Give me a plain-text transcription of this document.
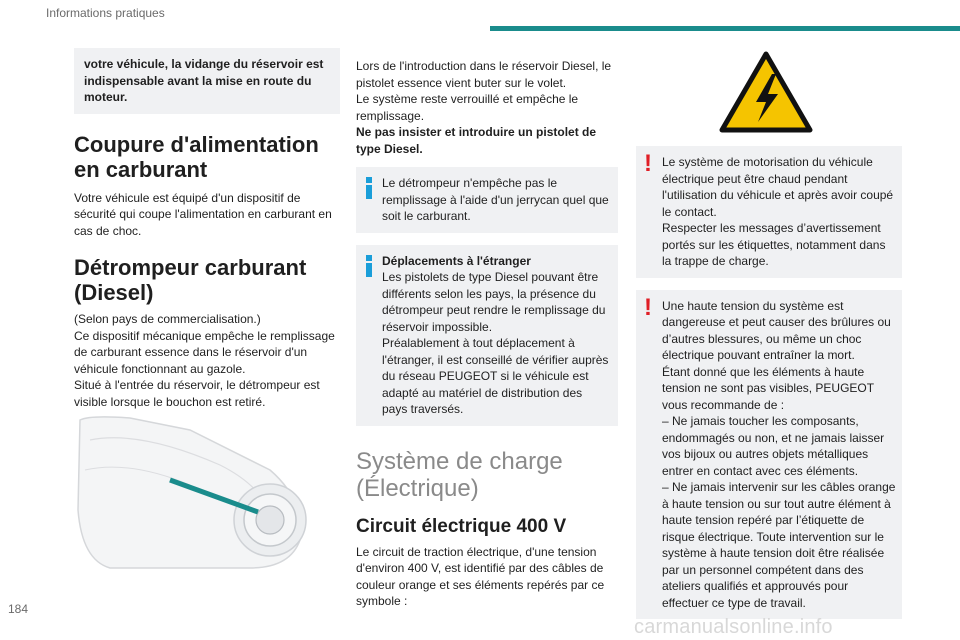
Informations pratiques
votre véhicule, la vidange du réservoir est indispensable avant la mise en route du moteur.
Coupure d'alimentation en carburant

Votre véhicule est équipé d'un dispositif de sécurité qui coupe l'alimentation en carburant en cas de choc.

Détrompeur carburant (Diesel)

(Selon pays de commercialisation.)

Ce dispositif mécanique empêche le remplissage de carburant essence dans le réservoir d'un véhicule fonctionnant au gazole.

Situé à l'entrée du réservoir, le détrompeur est visible lorsque le bouchon est retiré.

Lors de l'introduction dans le réservoir Diesel, le pistolet essence vient buter sur le volet.

Le système reste verrouillé et empêche le remplissage.

Ne pas insister et introduire un pistolet de type Diesel.

Le détrompeur n'empêche pas le remplissage à l'aide d'un jerrycan quel que soit le carburant.

Déplacements à l'étranger

Les pistolets de type Diesel pouvant être différents selon les pays, la présence du détrompeur peut rendre le remplissage du réservoir impossible.

Préalablement à tout déplacement à l'étranger, il est conseillé de vérifier auprès du réseau PEUGEOT si le véhicule est adapté au matériel de distribution des pays traversés.

Système de charge (Électrique)
Circuit électrique 400 V

Le circuit de traction électrique, d'une tension d'environ 400 V, est identifié par des câbles de couleur orange et ses éléments repérés par ce symbole :

! Le système de motorisation du véhicule électrique peut être chaud pendant l'utilisation du véhicule et après avoir coupé le contact.

Respecter les messages d’avertissement portés sur les étiquettes, notamment dans la trappe de charge.

! Une haute tension du système est dangereuse et peut causer des brûlures ou d’autres blessures, ou même un choc électrique pouvant entraîner la mort.

Étant donné que les éléments à haute tension ne sont pas visibles, PEUGEOT vous recommande de :

– Ne jamais toucher les composants, endommagés ou non, et ne jamais laisser vos bijoux ou autres objets métalliques entrer en contact avec ces éléments.

– Ne jamais intervenir sur les câbles orange à haute tension ou sur tout autre élément à haute tension repéré par l’étiquette de risque électrique. Toute intervention sur le système à haute tension doit être réalisée par un personnel compétent dans des ateliers qualifiés et approuvés pour effectuer ce type de travail.

184
carmanualsonline.info
